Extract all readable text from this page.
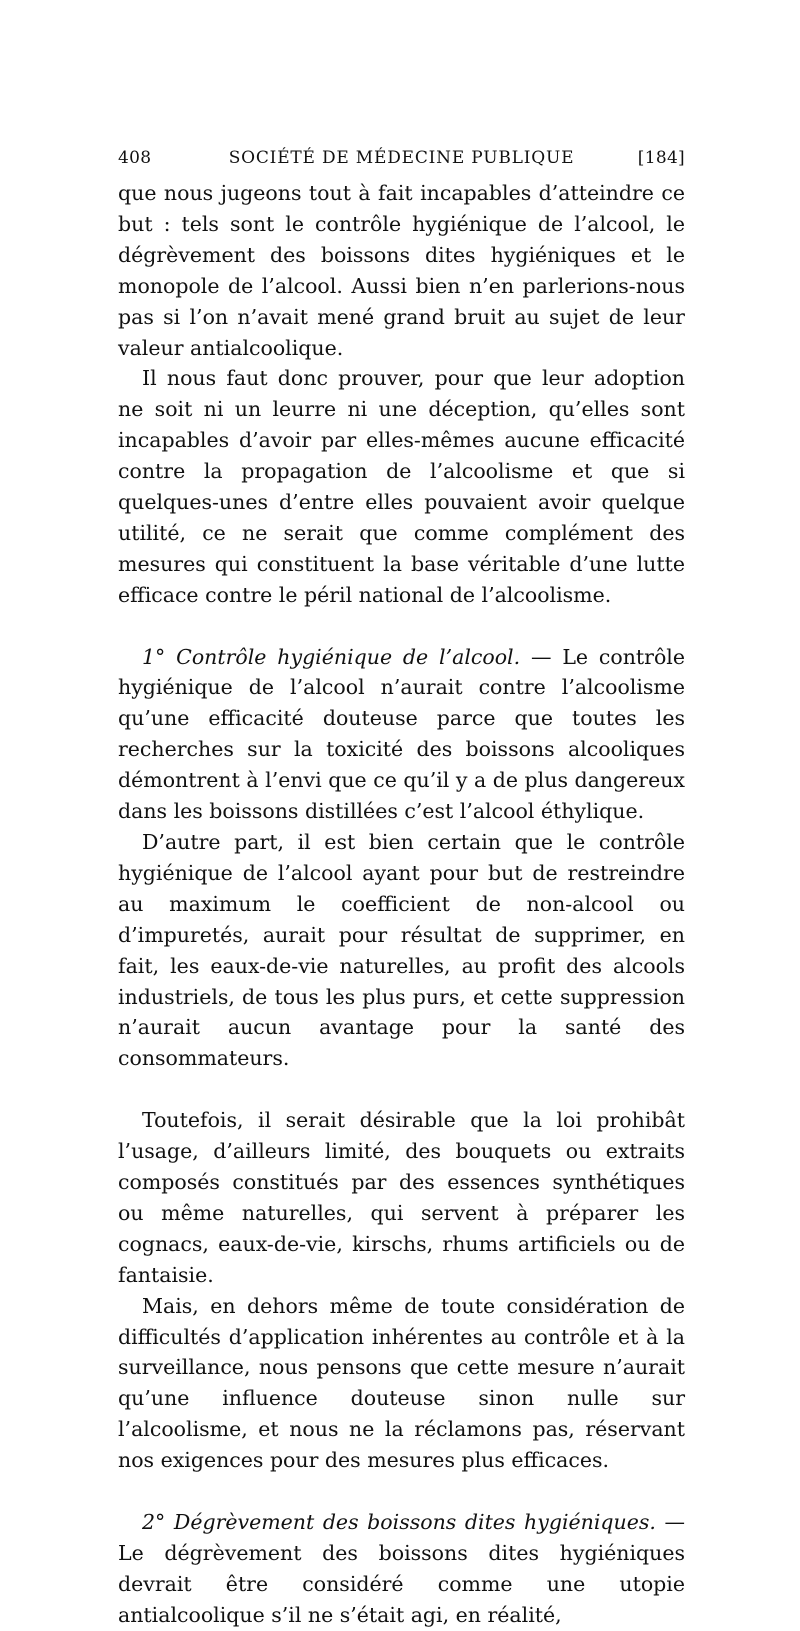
408	SOCIÉTÉ DE MÉDECINE PUBLIQUE	[184]

que nous jugeons tout à fait incapables d’atteindre ce but : tels sont le contrôle hygiénique de l’alcool, le dégrèvement des boissons dites hygiéniques et le monopole de l’alcool. Aussi bien n’en parlerions-nous pas si l’on n’avait mené grand bruit au sujet de leur valeur antialcoolique.

Il nous faut donc prouver, pour que leur adoption ne soit ni un leurre ni une déception, qu’elles sont incapables d’avoir par elles-mêmes aucune efficacité contre la propagation de l’alcoolisme et que si quelques-unes d’entre elles pouvaient avoir quelque utilité, ce ne serait que comme complément des mesures qui constituent la base véritable d’une lutte efficace contre le péril national de l’alcoolisme.

1° Contrôle hygiénique de l’alcool. — Le contrôle hygiénique de l’alcool n’aurait contre l’alcoolisme qu’une efficacité douteuse parce que toutes les recherches sur la toxicité des boissons alcooliques démontrent à l’envi que ce qu’il y a de plus dangereux dans les boissons distillées c’est l’alcool éthylique.

D’autre part, il est bien certain que le contrôle hygiénique de l’alcool ayant pour but de restreindre au maximum le coefficient de non-alcool ou d’impuretés, aurait pour résultat de supprimer, en fait, les eaux-de-vie naturelles, au profit des alcools industriels, de tous les plus purs, et cette suppression n’aurait aucun avantage pour la santé des consommateurs.

Toutefois, il serait désirable que la loi prohibât l’usage, d’ailleurs limité, des bouquets ou extraits composés constitués par des essences synthétiques ou même naturelles, qui servent à préparer les cognacs, eaux-de-vie, kirschs, rhums artificiels ou de fantaisie.

Mais, en dehors même de toute considération de difficultés d’application inhérentes au contrôle et à la surveillance, nous pensons que cette mesure n’aurait qu’une influence douteuse sinon nulle sur l’alcoolisme, et nous ne la réclamons pas, réservant nos exigences pour des mesures plus efficaces.

2° Dégrèvement des boissons dites hygiéniques. — Le dégrèvement des boissons dites hygiéniques devrait être considéré comme une utopie antialcoolique s’il ne s’était agi, en réalité,
